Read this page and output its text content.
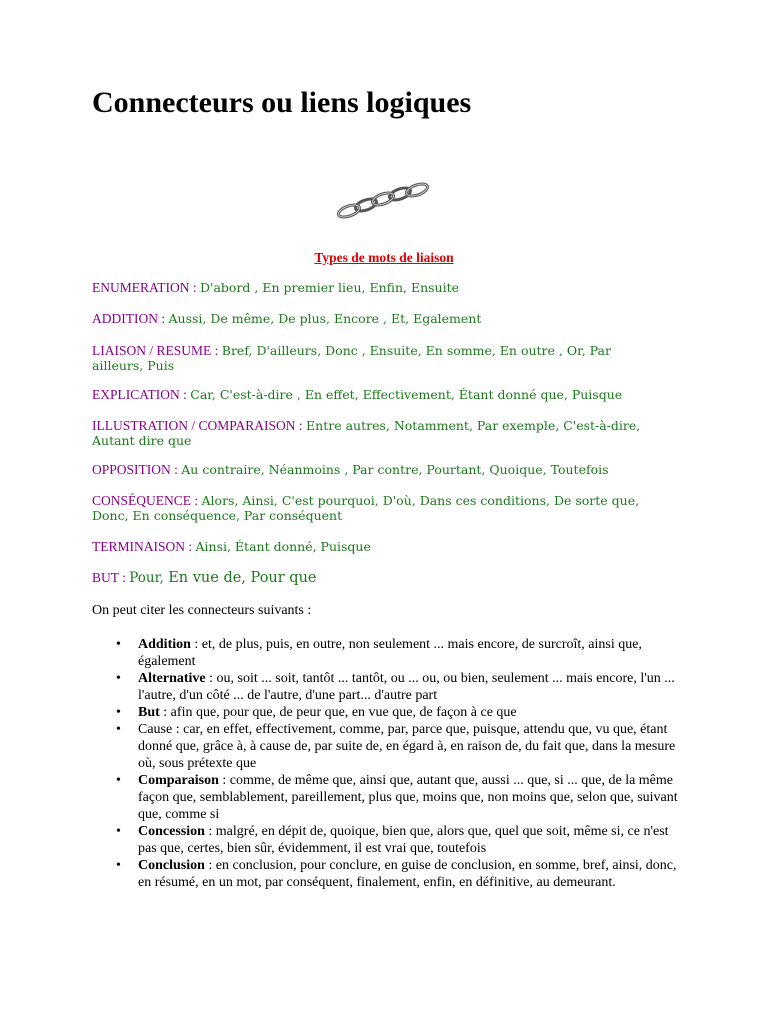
Connecteurs ou liens logiques
Types de mots de liaison

ENUMERATION : D'abord , En premier lieu, Enfin, Ensuite

ADDITION : Aussi, De même, De plus, Encore , Et, Egalement

LIAISON / RESUME : Bref, D'ailleurs, Donc , Ensuite, En somme, En outre , Or, Par ailleurs, Puis

EXPLICATION : Car, C'est-à-dire , En effet, Effectivement, Étant donné que, Puisque

ILLUSTRATION / COMPARAISON : Entre autres, Notamment, Par exemple, C'est-à-dire, Autant dire que

OPPOSITION : Au contraire, Néanmoins , Par contre, Pourtant, Quoique, Toutefois

CONSÉQUENCE : Alors, Ainsi, C'est pourquoi, D'où, Dans ces conditions, De sorte que, Donc, En conséquence, Par conséquent

TERMINAISON : Ainsi, Étant donné, Puisque

BUT : Pour, En vue de, Pour que

On peut citer les connecteurs suivants :

• Addition : et, de plus, puis, en outre, non seulement ... mais encore, de surcroît, ainsi que, également
• Alternative : ou, soit ... soit, tantôt ... tantôt, ou ... ou, ou bien, seulement ... mais encore, l'un ... l'autre, d'un côté ... de l'autre, d'une part... d'autre part
• But : afin que, pour que, de peur que, en vue que, de façon à ce que
• Cause : car, en effet, effectivement, comme, par, parce que, puisque, attendu que, vu que, étant donné que, grâce à, à cause de, par suite de, en égard à, en raison de, du fait que, dans la mesure où, sous prétexte que
• Comparaison : comme, de même que, ainsi que, autant que, aussi ... que, si ... que, de la même façon que, semblablement, pareillement, plus que, moins que, non moins que, selon que, suivant que, comme si
• Concession : malgré, en dépit de, quoique, bien que, alors que, quel que soit, même si, ce n'est pas que, certes, bien sûr, évidemment, il est vrai que, toutefois
• Conclusion : en conclusion, pour conclure, en guise de conclusion, en somme, bref, ainsi, donc, en résumé, en un mot, par conséquent, finalement, enfin, en définitive, au demeurant.
